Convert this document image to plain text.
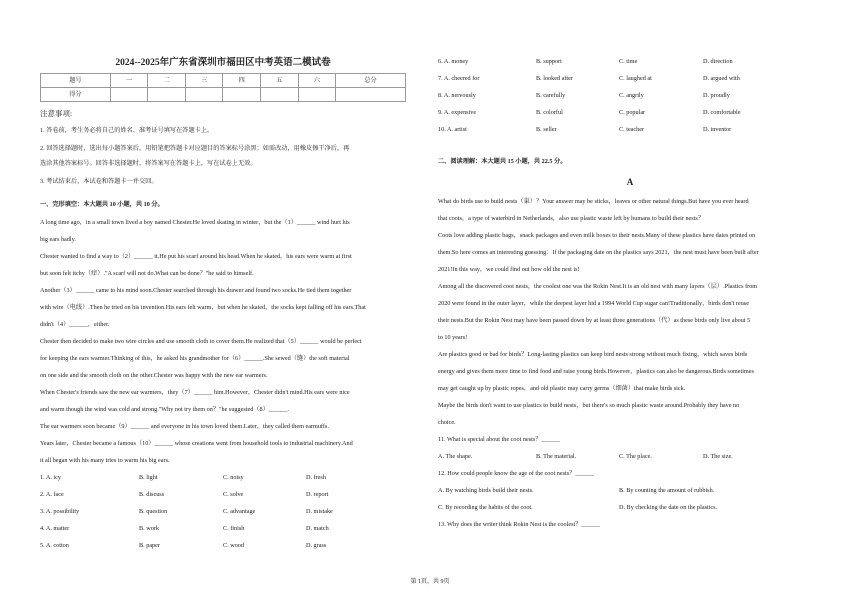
2024--2025年广东省深圳市福田区中考英语二模试卷
题号	一	二	三	四	五	六	总分
得分							
注意事项:
1. 答卷前，考生务必将自己的姓名、准考证号填写在答题卡上。
2. 回答选择题时，选出每小题答案后，用铅笔把答题卡对应题目的答案标号涂黑；如需改动，用橡皮擦干净后，再
选涂其他答案标号。回答非选择题时，将答案写在答题卡上，写在试卷上无效。
3. 考试结束后，本试卷和答题卡一并交回。
一、完形填空：本大题共 10 小题，共 10 分。
A long time ago，in a small town lived a boy named Chester.He loved skating in winter，but the（1）______ wind hurt his
big ears badly.
Chester wanted to find a way to（2）______ it.He put his scarf around his head.When he skated，his ears were warm at first
but soon felt itchy（痒）."A scarf will not do.What can be done？"he said to himself.
Another（3）______ came to his mind soon.Chester searched through his drawer and found two socks.He tied them together
with wire（电线）.Then he tried on his invention.His ears felt warm，but when he skated，the socks kept falling off his ears.That
didn't（4）______，either.
Chester then decided to make two wire circles and use smooth cloth to cover them.He realized that（5）______ would be perfect
for keeping the ears warmer.Thinking of this，he asked his grandmother for（6）______.She sewed（缝）the soft material
on one side and the smooth cloth on the other.Chester was happy with the new ear warmers.
When Chester's friends saw the new ear warmers，they（7）______ him.However，Chester didn't mind.His ears were nice
and warm though the wind was cold and strong."Why not try them on？"he suggested（8）______.
The ear warmers soon became（9）______ and everyone in his town loved them.Later，they called them earmuffs.
Years later，Chester became a famous（10）______ whose creations went from household tools to industrial machinery.And
it all began with his many tries to warm his big ears.
1. A. icy	B. light	C. noisy	D. fresh
2. A. face	B. discuss	C. solve	D. report
3. A. possibility	B. question	C. advantage	D. mistake
4. A. matter	B. work	C. finish	D. match
5. A. cotton	B. paper	C. wood	D. grass
6. A. money	B. support	C. time	D. direction
7. A. cheered for	B. looked after	C. laughed at	D. argued with
8. A. nervously	B. carefully	C. angrily	D. proudly
9. A. expensive	B. colorful	C. popular	D. comfortable
10. A. artist	B. seller	C. teacher	D. inventor
二、阅读理解：本大题共 15 小题，共 22.5 分。
A
What do birds use to build nests（巢）？Your answer may be sticks，leaves or other natural things.But have you ever heard
that coots，a type of waterbird in Netherlands，also use plastic waste left by humans to build their nests？
Coots love adding plastic bags，snack packages and even milk boxes to their nests.Many of these plastics have dates printed on
them.So here comes an interesting guessing：If the packaging date on the plastics says 2021，the nest must have been built after
2021!In this way，we could find out how old the nest is!
Among all the discovered coot nests，the coolest one was the Rokin Nest.It is an old nest with many layers（层）.Plastics from
2020 were found in the outer layer，while the deepest layer hid a 1994 World Cup sugar can!Traditionally，birds don't reuse
their nests.But the Rokin Nest may have been passed down by at least three generations（代）as these birds only live about 5
to 10 years!
Are plastics good or bad for birds？Long-lasting plastics can keep bird nests strong without much fixing，which saves birds
energy and gives them more time to find food and raise young birds.However，plastics can also be dangerous.Birds sometimes
may get caught up by plastic ropes，and old plastic may carry germs（细菌）that make birds sick.
Maybe the birds don't want to use plastics to build nests，but there's so much plastic waste around.Probably they have no
choice.
11. What is special about the coot nests？______
A. The shape.	B. The material.	C. The place.	D. The size.
12. How could people know the age of the coot nests？______
A. By watching birds build their nests.	B. By counting the amount of rubbish.
C. By recording the habits of the coot.	D. By checking the date on the plastics.
13. Why does the writer think Rokin Nest is the coolest？______
第 1页，共 9页
